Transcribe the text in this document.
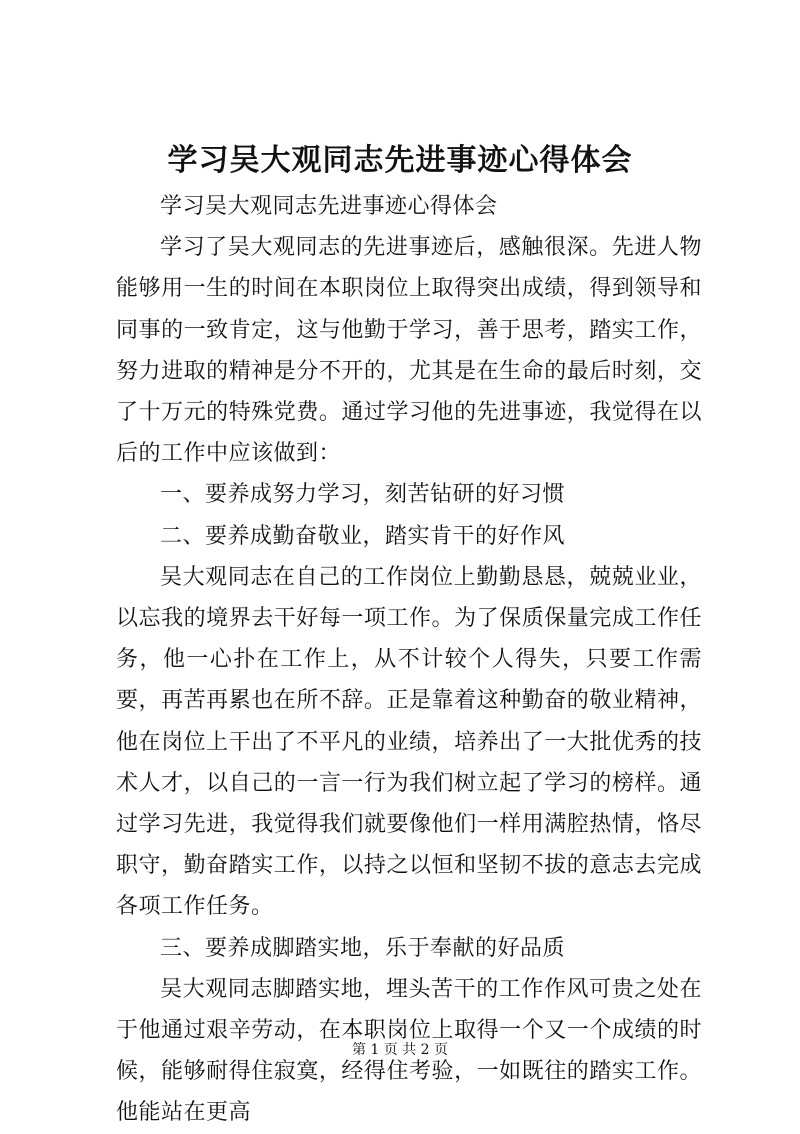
学习吴大观同志先进事迹心得体会

学习吴大观同志先进事迹心得体会

学习了吴大观同志的先进事迹后，感触很深。先进人物能够用一生的时间在本职岗位上取得突出成绩，得到领导和同事的一致肯定，这与他勤于学习，善于思考，踏实工作，努力进取的精神是分不开的，尤其是在生命的最后时刻，交了十万元的特殊党费。通过学习他的先进事迹，我觉得在以后的工作中应该做到：

一、要养成努力学习，刻苦钻研的好习惯

二、要养成勤奋敬业，踏实肯干的好作风

吴大观同志在自己的工作岗位上勤勤恳恳，兢兢业业，以忘我的境界去干好每一项工作。为了保质保量完成工作任务，他一心扑在工作上，从不计较个人得失，只要工作需要，再苦再累也在所不辞。正是靠着这种勤奋的敬业精神，他在岗位上干出了不平凡的业绩，培养出了一大批优秀的技术人才，以自己的一言一行为我们树立起了学习的榜样。通过学习先进，我觉得我们就要像他们一样用满腔热情，恪尽职守，勤奋踏实工作，以持之以恒和坚韧不拔的意志去完成各项工作任务。

三、要养成脚踏实地，乐于奉献的好品质

吴大观同志脚踏实地，埋头苦干的工作作风可贵之处在于他通过艰辛劳动，在本职岗位上取得一个又一个成绩的时候，能够耐得住寂寞，经得住考验，一如既往的踏实工作。他能站在更高

第 1 页 共 2 页
